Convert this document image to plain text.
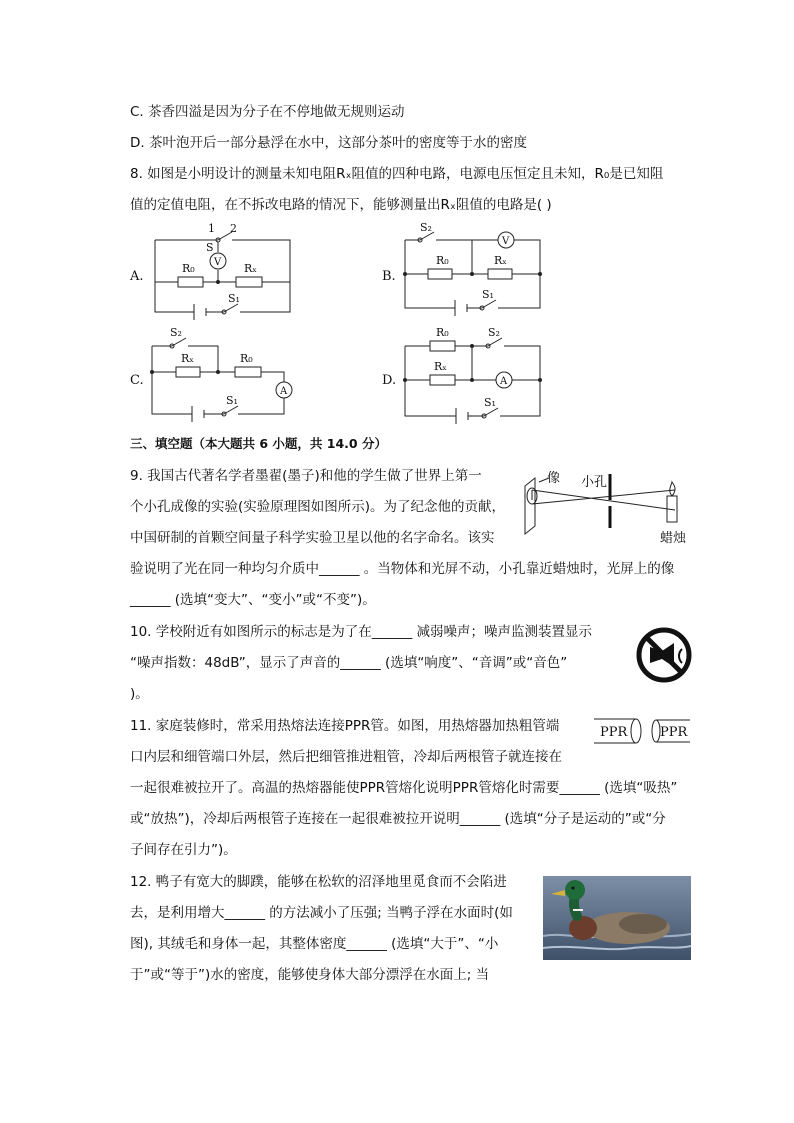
C. 茶香四溢是因为分子在不停地做无规则运动
D. 茶叶泡开后一部分悬浮在水中，这部分茶叶的密度等于水的密度
8. 如图是小明设计的测量未知电阻Rₓ阻值的四种电路，电源电压恒定且未知，R₀是已知阻
值的定值电阻，在不拆改电路的情况下，能够测量出Rₓ阻值的电路是( )
A.
1 2
S
V
R₀	Rₓ
S₁
B.
S₂
V
R₀	Rₓ
S₁
C.
S₂
Rₓ	R₀
A
S₁
D.
R₀	S₂
Rₓ
A
S₁
三、填空题（本大题共 6 小题，共 14.0 分）
9. 我国古代著名学者墨翟(墨子)和他的学生做了世界上第一
个小孔成像的实验(实验原理图如图所示)。为了纪念他的贡献，
中国研制的首颗空间量子科学实验卫星以他的名字命名。该实
验说明了光在同一种均匀介质中______ 。当物体和光屏不动，小孔靠近蜡烛时，光屏上的像
______ (选填“变大”、“变小”或“不变”)。
像 小孔
蜡烛
10. 学校附近有如图所示的标志是为了在______ 减弱噪声；噪声监测装置显示
“噪声指数：48dB”，显示了声音的______ (选填“响度”、“音调”或“音色”
)。
11. 家庭装修时，常采用热熔法连接PPR管。如图，用热熔器加热粗管端
口内层和细管端口外层，然后把细管推进粗管，冷却后两根管子就连接在
一起很难被拉开了。高温的热熔器能使PPR管熔化说明PPR管熔化时需要______ (选填“吸热”
或“放热”)，冷却后两根管子连接在一起很难被拉开说明______ (选填“分子是运动的”或“分
子间存在引力”)。
PPR	PPR
12. 鸭子有宽大的脚蹼，能够在松软的沼泽地里觅食而不会陷进
去，是利用增大______ 的方法减小了压强; 当鸭子浮在水面时(如
图), 其绒毛和身体一起，其整体密度______ (选填“大于”、“小
于”或“等于”)水的密度，能够使身体大部分漂浮在水面上; 当
